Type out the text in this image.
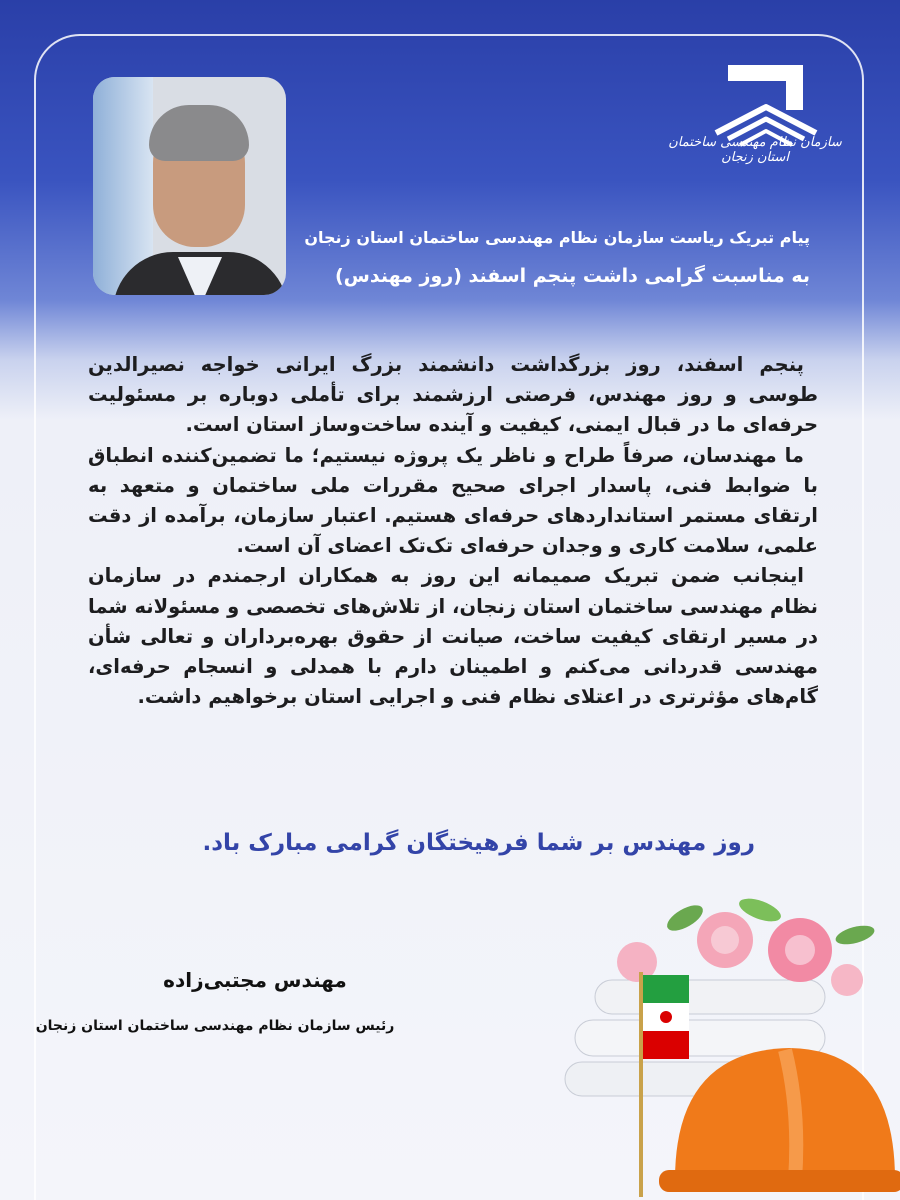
سازمان نظام مهندسی ساختمان استان زنجان
پیام تبریک ریاست سازمان نظام مهندسی ساختمان استان زنجان
به مناسبت گرامی داشت پنجم اسفند (روز مهندس)

پنجم اسفند، روز بزرگداشت دانشمند بزرگ ایرانی خواجه نصیرالدین طوسی و روز مهندس، فرصتی ارزشمند برای تأملی دوباره بر مسئولیت حرفه‌ای ما در قبال ایمنی، کیفیت و آینده ساخت‌وساز استان است.

ما مهندسان، صرفاً طراح و ناظر یک پروژه نیستیم؛ ما تضمین‌کننده انطباق با ضوابط فنی، پاسدار اجرای صحیح مقررات ملی ساختمان و متعهد به ارتقای مستمر استانداردهای حرفه‌ای هستیم. اعتبار سازمان، برآمده از دقت علمی، سلامت کاری و وجدان حرفه‌ای تک‌تک اعضای آن است.

اینجانب ضمن تبریک صمیمانه این روز به همکاران ارجمندم در سازمان نظام مهندسی ساختمان استان زنجان، از تلاش‌های تخصصی و مسئولانه شما در مسیر ارتقای کیفیت ساخت، صیانت از حقوق بهره‌برداران و تعالی شأن مهندسی قدردانی می‌کنم و اطمینان دارم با همدلی و انسجام حرفه‌ای، گام‌های مؤثرتری در اعتلای نظام فنی و اجرایی استان برخواهیم داشت.

روز مهندس بر شما فرهیختگان گرامی مبارک باد.
مهندس مجتبی‌زاده
رئیس سازمان نظام مهندسی ساختمان استان زنجان
